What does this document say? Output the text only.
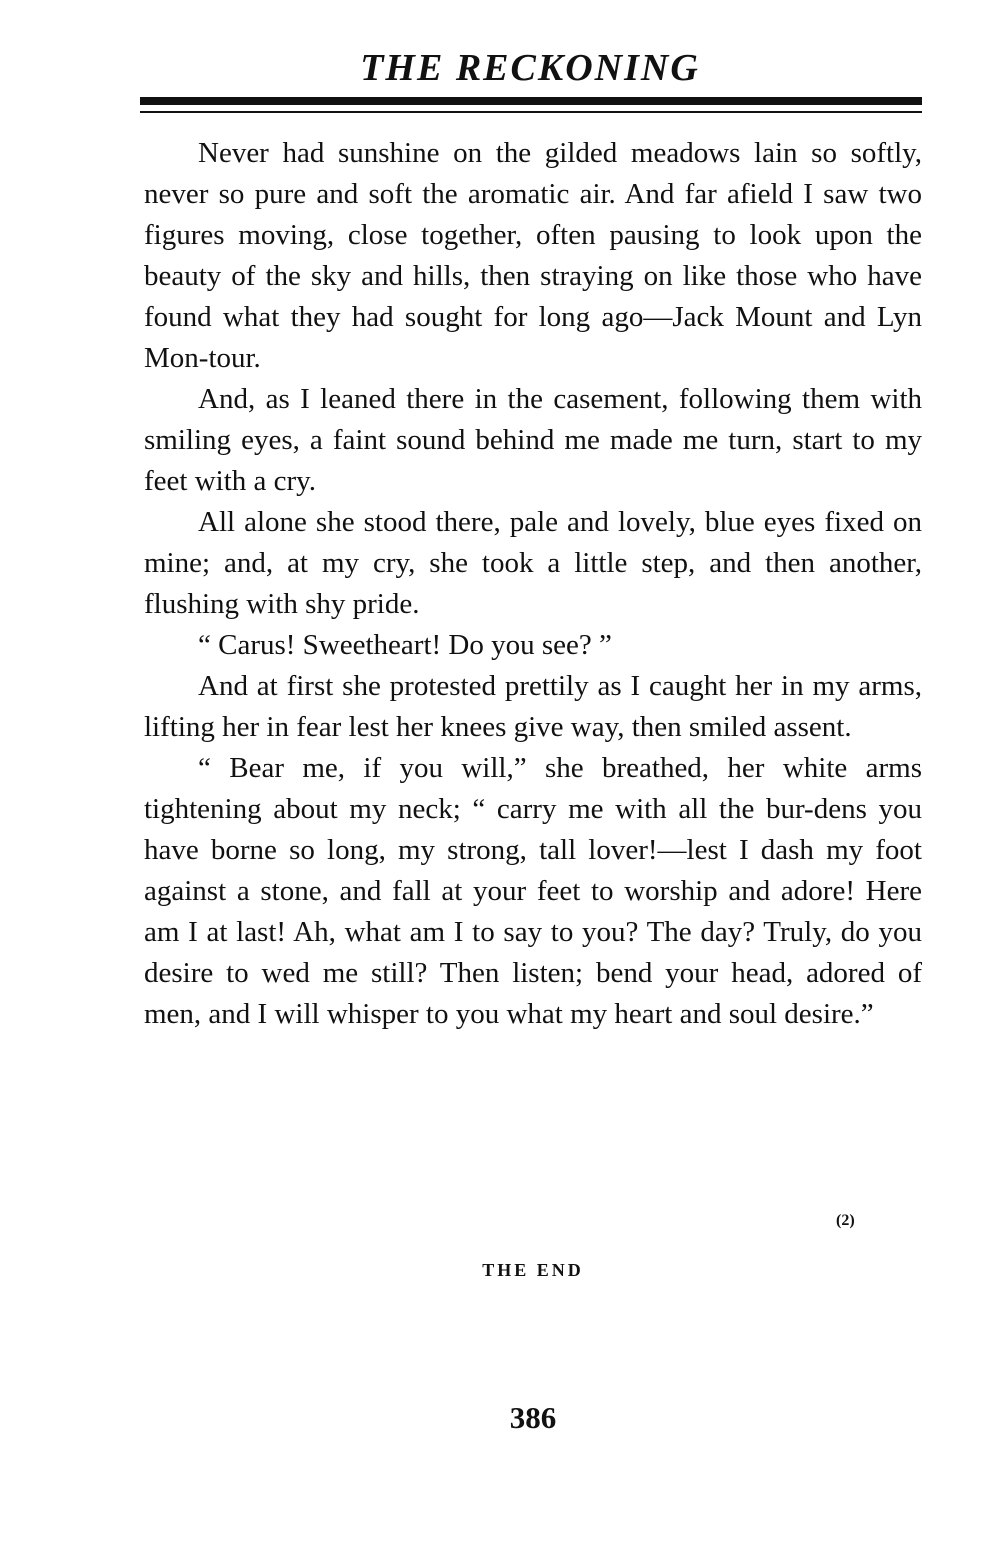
THE RECKONING

Never had sunshine on the gilded meadows lain so softly, never so pure and soft the aromatic air. And far afield I saw two figures moving, close together, often pausing to look upon the beauty of the sky and hills, then straying on like those who have found what they had sought for long ago—Jack Mount and Lyn Mon-tour.

And, as I leaned there in the casement, following them with smiling eyes, a faint sound behind me made me turn, start to my feet with a cry.

All alone she stood there, pale and lovely, blue eyes fixed on mine; and, at my cry, she took a little step, and then another, flushing with shy pride.

“ Carus! Sweetheart! Do you see? ”

And at first she protested prettily as I caught her in my arms, lifting her in fear lest her knees give way, then smiled assent.

“ Bear me, if you will,” she breathed, her white arms tightening about my neck; “ carry me with all the bur-dens you have borne so long, my strong, tall lover!—lest I dash my foot against a stone, and fall at your feet to worship and adore! Here am I at last! Ah, what am I to say to you? The day? Truly, do you desire to wed me still? Then listen; bend your head, adored of men, and I will whisper to you what my heart and soul desire.”

(2)
THE END
386
